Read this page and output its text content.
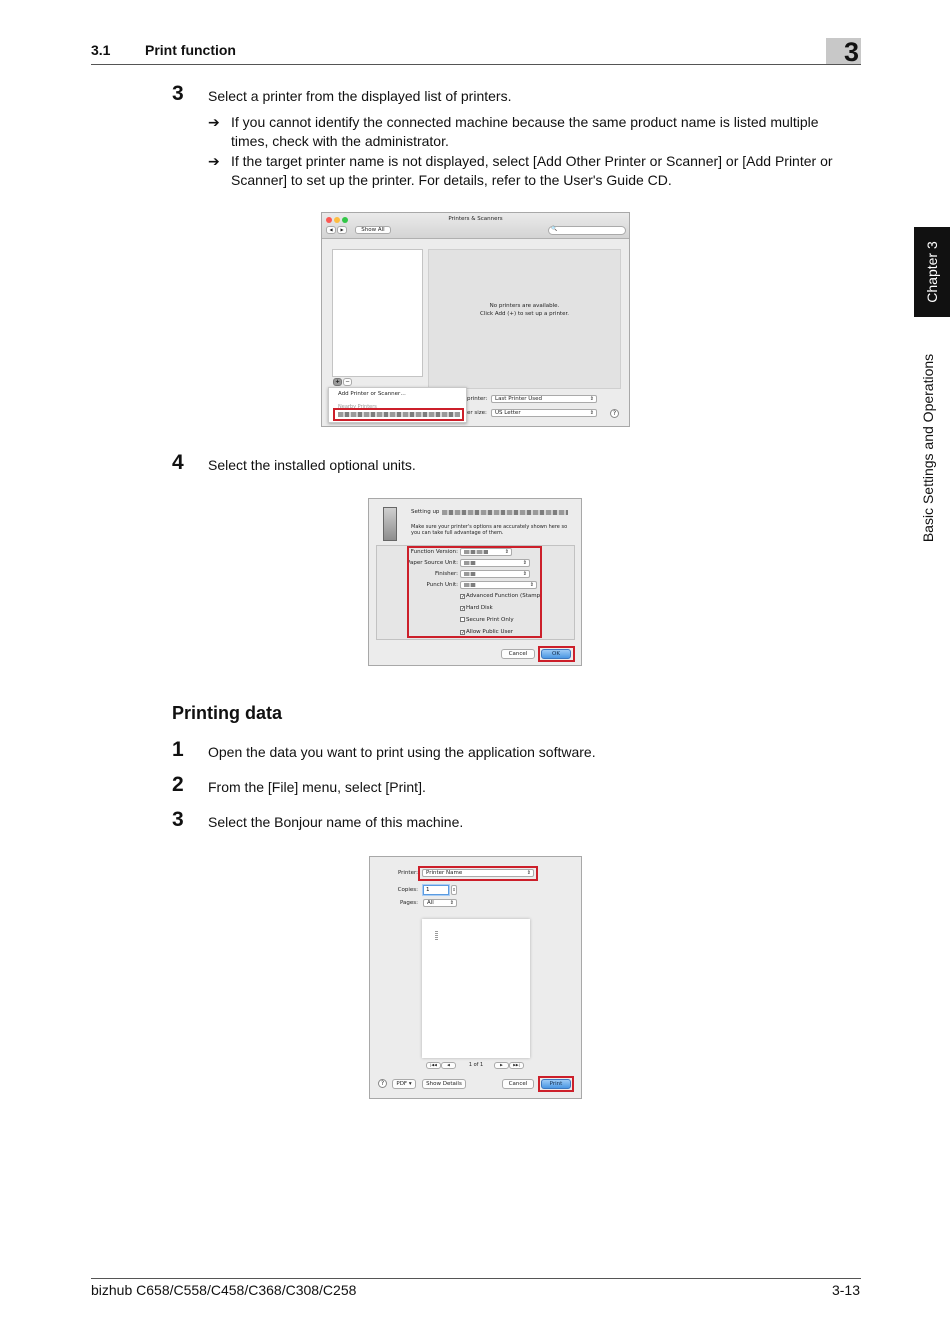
3.1 Print function	3
Chapter 3
Basic Settings and Operations
3 Select a printer from the displayed list of printers.
➔ If you cannot identify the connected machine because the same product name is listed multiple times, check with the administrator.
➔ If the target printer name is not displayed, select [Add Other Printer or Scanner] or [Add Printer or Scanner] to set up the printer. For details, refer to the User's Guide CD.
Printers & Scanners
◀	▶	Show All	🔍
No printers are available.
Click Add (+) to set up a printer.
+ −
Add Printer or Scanner…
Nearby Printers
printer:	Last Printer Used	⇕
er size:	US Letter	⇕	?
4 Select the installed optional units.
Setting up
Make sure your printer's options are accurately shown here so you can take full advantage of them.
Function Version:	⇕
Paper Source Unit:	⇕
Finisher:	⇕
Punch Unit:	⇕
✓Advanced Function (Stamp)
✓Hard Disk
Secure Print Only
✓Allow Public User
Cancel	OK
Printing data
1 Open the data you want to print using the application software.
2 From the [File] menu, select [Print].
3 Select the Bonjour name of this machine.
Printer:	Printer Name	⇕
Copies:	1	⇕
Pages:	All	⇕
|◀◀	◀	1 of 1	▶	▶▶|
?	PDF ▾	Show Details	Cancel	Print
bizhub C658/C558/C458/C368/C308/C258	3-13
